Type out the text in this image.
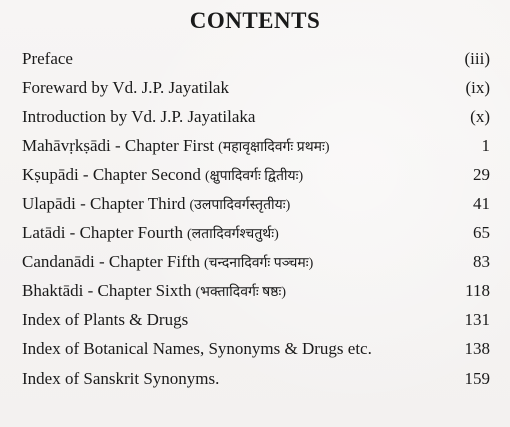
CONTENTS
Preface	(iii)
Foreward by Vd. J.P. Jayatilak	(ix)
Introduction by Vd. J.P. Jayatilaka	(x)
Mahāvṛkṣādi - Chapter First (महावृक्षादिवर्गः प्रथमः)	1
Kṣupādi - Chapter Second (क्षुपादिवर्गः द्वितीयः)	29
Ulapādi - Chapter Third (उलपादिवर्गस्तृतीयः)	41
Latādi - Chapter Fourth (लतादिवर्गश्चतुर्थः)	65
Candanādi - Chapter Fifth (चन्दनादिवर्गः पञ्चमः)	83
Bhaktādi - Chapter Sixth (भक्तादिवर्गः षष्ठः)	118
Index of Plants & Drugs	131
Index of Botanical Names, Synonyms & Drugs etc.	138
Index of Sanskrit Synonyms.	159
